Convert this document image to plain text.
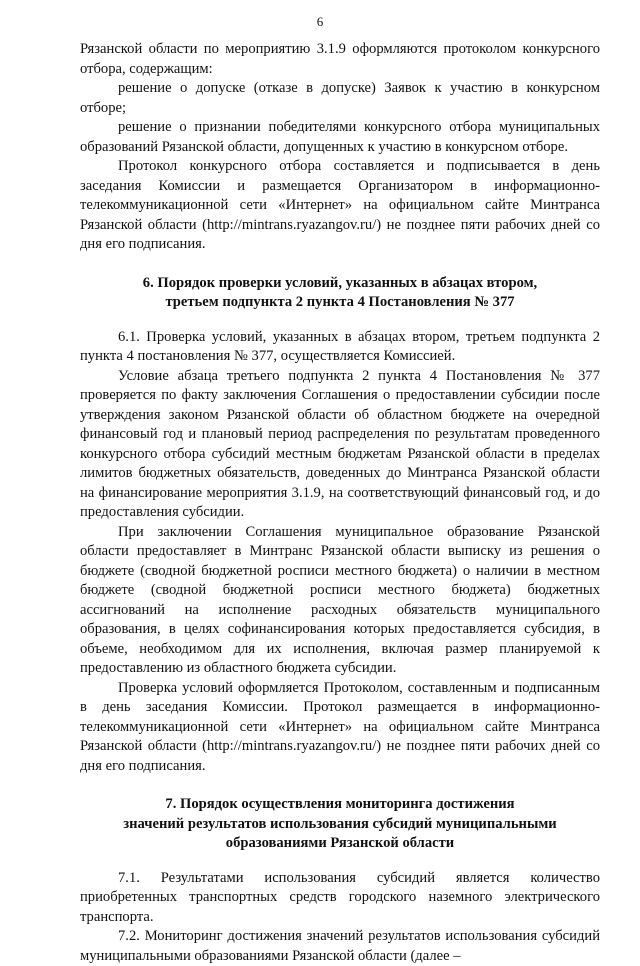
6

Рязанской области по мероприятию 3.1.9 оформляются протоколом конкурсного отбора, содержащим:

решение о допуске (отказе в допуске) Заявок к участию в конкурсном отборе;

решение о признании победителями конкурсного отбора муниципальных образований Рязанской области, допущенных к участию в конкурсном отборе.

Протокол конкурсного отбора составляется и подписывается в день заседания Комиссии и размещается Организатором в информационно-телекоммуникационной сети «Интернет» на официальном сайте Минтранса Рязанской области (http://mintrans.ryazangov.ru/) не позднее пяти рабочих дней со дня его подписания.

6. Порядок проверки условий, указанных в абзацах втором,
третьем подпункта 2 пункта 4 Постановления № 377

6.1. Проверка условий, указанных в абзацах втором, третьем подпункта 2 пункта 4 постановления № 377, осуществляется Комиссией.

Условие абзаца третьего подпункта 2 пункта 4 Постановления № 377 проверяется по факту заключения Соглашения о предоставлении субсидии после утверждения законом Рязанской области об областном бюджете на очередной финансовый год и плановый период распределения по результатам проведенного конкурсного отбора субсидий местным бюджетам Рязанской области в пределах лимитов бюджетных обязательств, доведенных до Минтранса Рязанской области на финансирование мероприятия 3.1.9, на соответствующий финансовый год, и до предоставления субсидии.

При заключении Соглашения муниципальное образование Рязанской области предоставляет в Минтранс Рязанской области выписку из решения о бюджете (сводной бюджетной росписи местного бюджета) о наличии в местном бюджете (сводной бюджетной росписи местного бюджета) бюджетных ассигнований на исполнение расходных обязательств муниципального образования, в целях софинансирования которых предоставляется субсидия, в объеме, необходимом для их исполнения, включая размер планируемой к предоставлению из областного бюджета субсидии.

Проверка условий оформляется Протоколом, составленным и подписанным в день заседания Комиссии. Протокол размещается в информационно-телекоммуникационной сети «Интернет» на официальном сайте Минтранса Рязанской области (http://mintrans.ryazangov.ru/) не позднее пяти рабочих дней со дня его подписания.

7. Порядок осуществления мониторинга достижения
значений результатов использования субсидий муниципальными
образованиями Рязанской области

7.1. Результатами использования субсидий является количество приобретенных транспортных средств городского наземного электрического транспорта.

7.2. Мониторинг достижения значений результатов использования субсидий муниципальными образованиями Рязанской области (далее –
